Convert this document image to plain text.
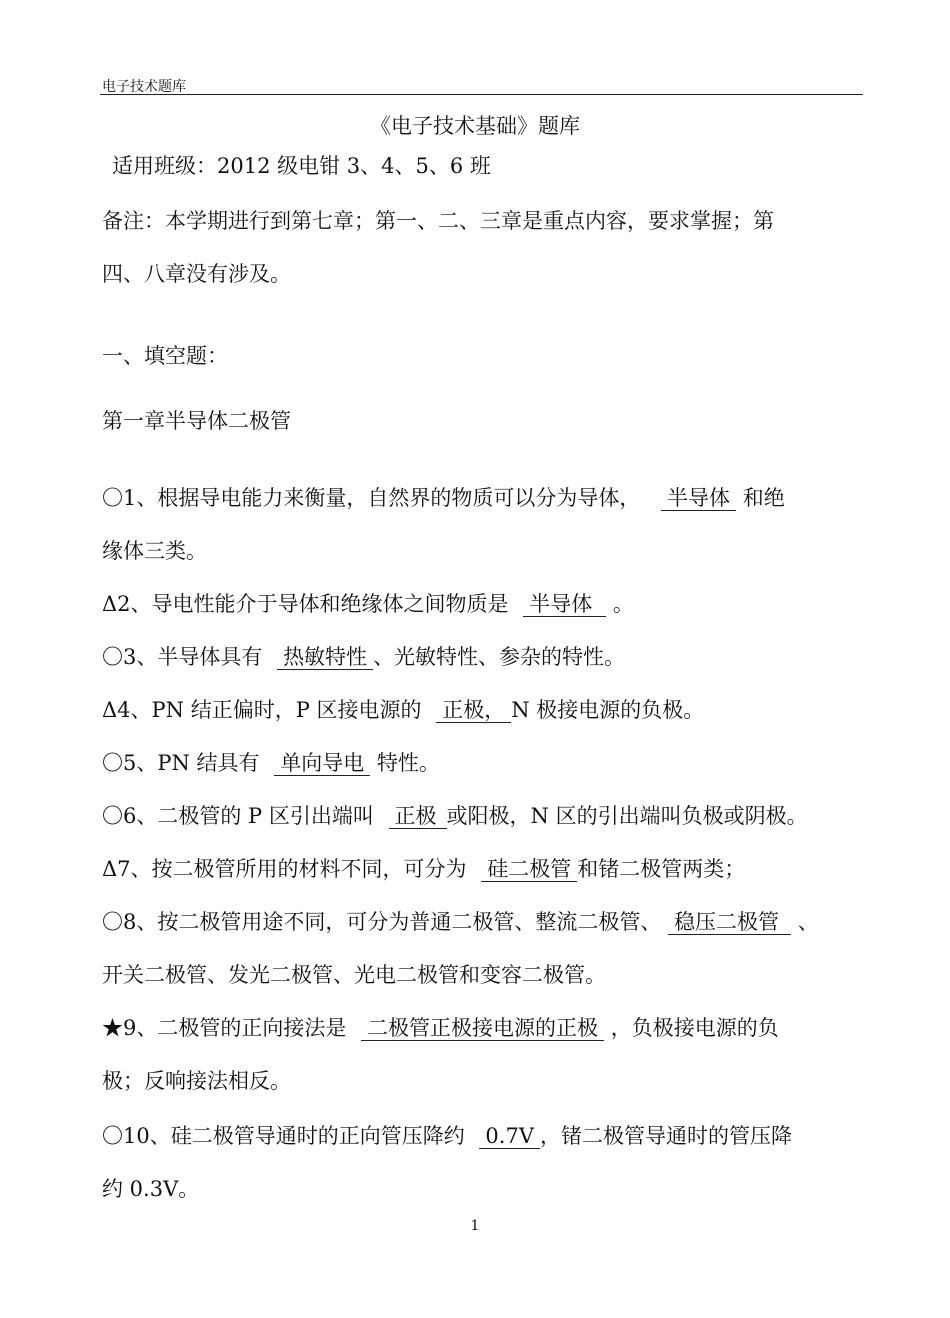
电子技术题库
《电子技术基础》题库
适用班级：2012 级电钳 3、4、5、6 班
备注：本学期进行到第七章；第一、二、三章是重点内容，要求掌握；第
四、八章没有涉及。
一、填空题：
第一章半导体二极管
〇1、根据导电能力来衡量，自然界的物质可以分为导体， 半导体 和绝
缘体三类。
Δ2、导电性能介于导体和绝缘体之间物质是 半导体 。
〇3、半导体具有 热敏特性 、光敏特性、参杂的特性。
Δ4、PN 结正偏时，P 区接电源的 正极， N 极接电源的负极。
〇5、PN 结具有 单向导电 特性。
〇6、二极管的 P 区引出端叫 正极 或阳极，N 区的引出端叫负极或阴极。
Δ7、按二极管所用的材料不同，可分为 硅二极管 和锗二极管两类；
〇8、按二极管用途不同，可分为普通二极管、整流二极管、 稳压二极管 、
开关二极管、发光二极管、光电二极管和变容二极管。
★9、二极管的正向接法是 二极管正极接电源的正极 ，负极接电源的负
极；反响接法相反。
〇10、硅二极管导通时的正向管压降约 0.7V ，锗二极管导通时的管压降
约 0.3V。
1
